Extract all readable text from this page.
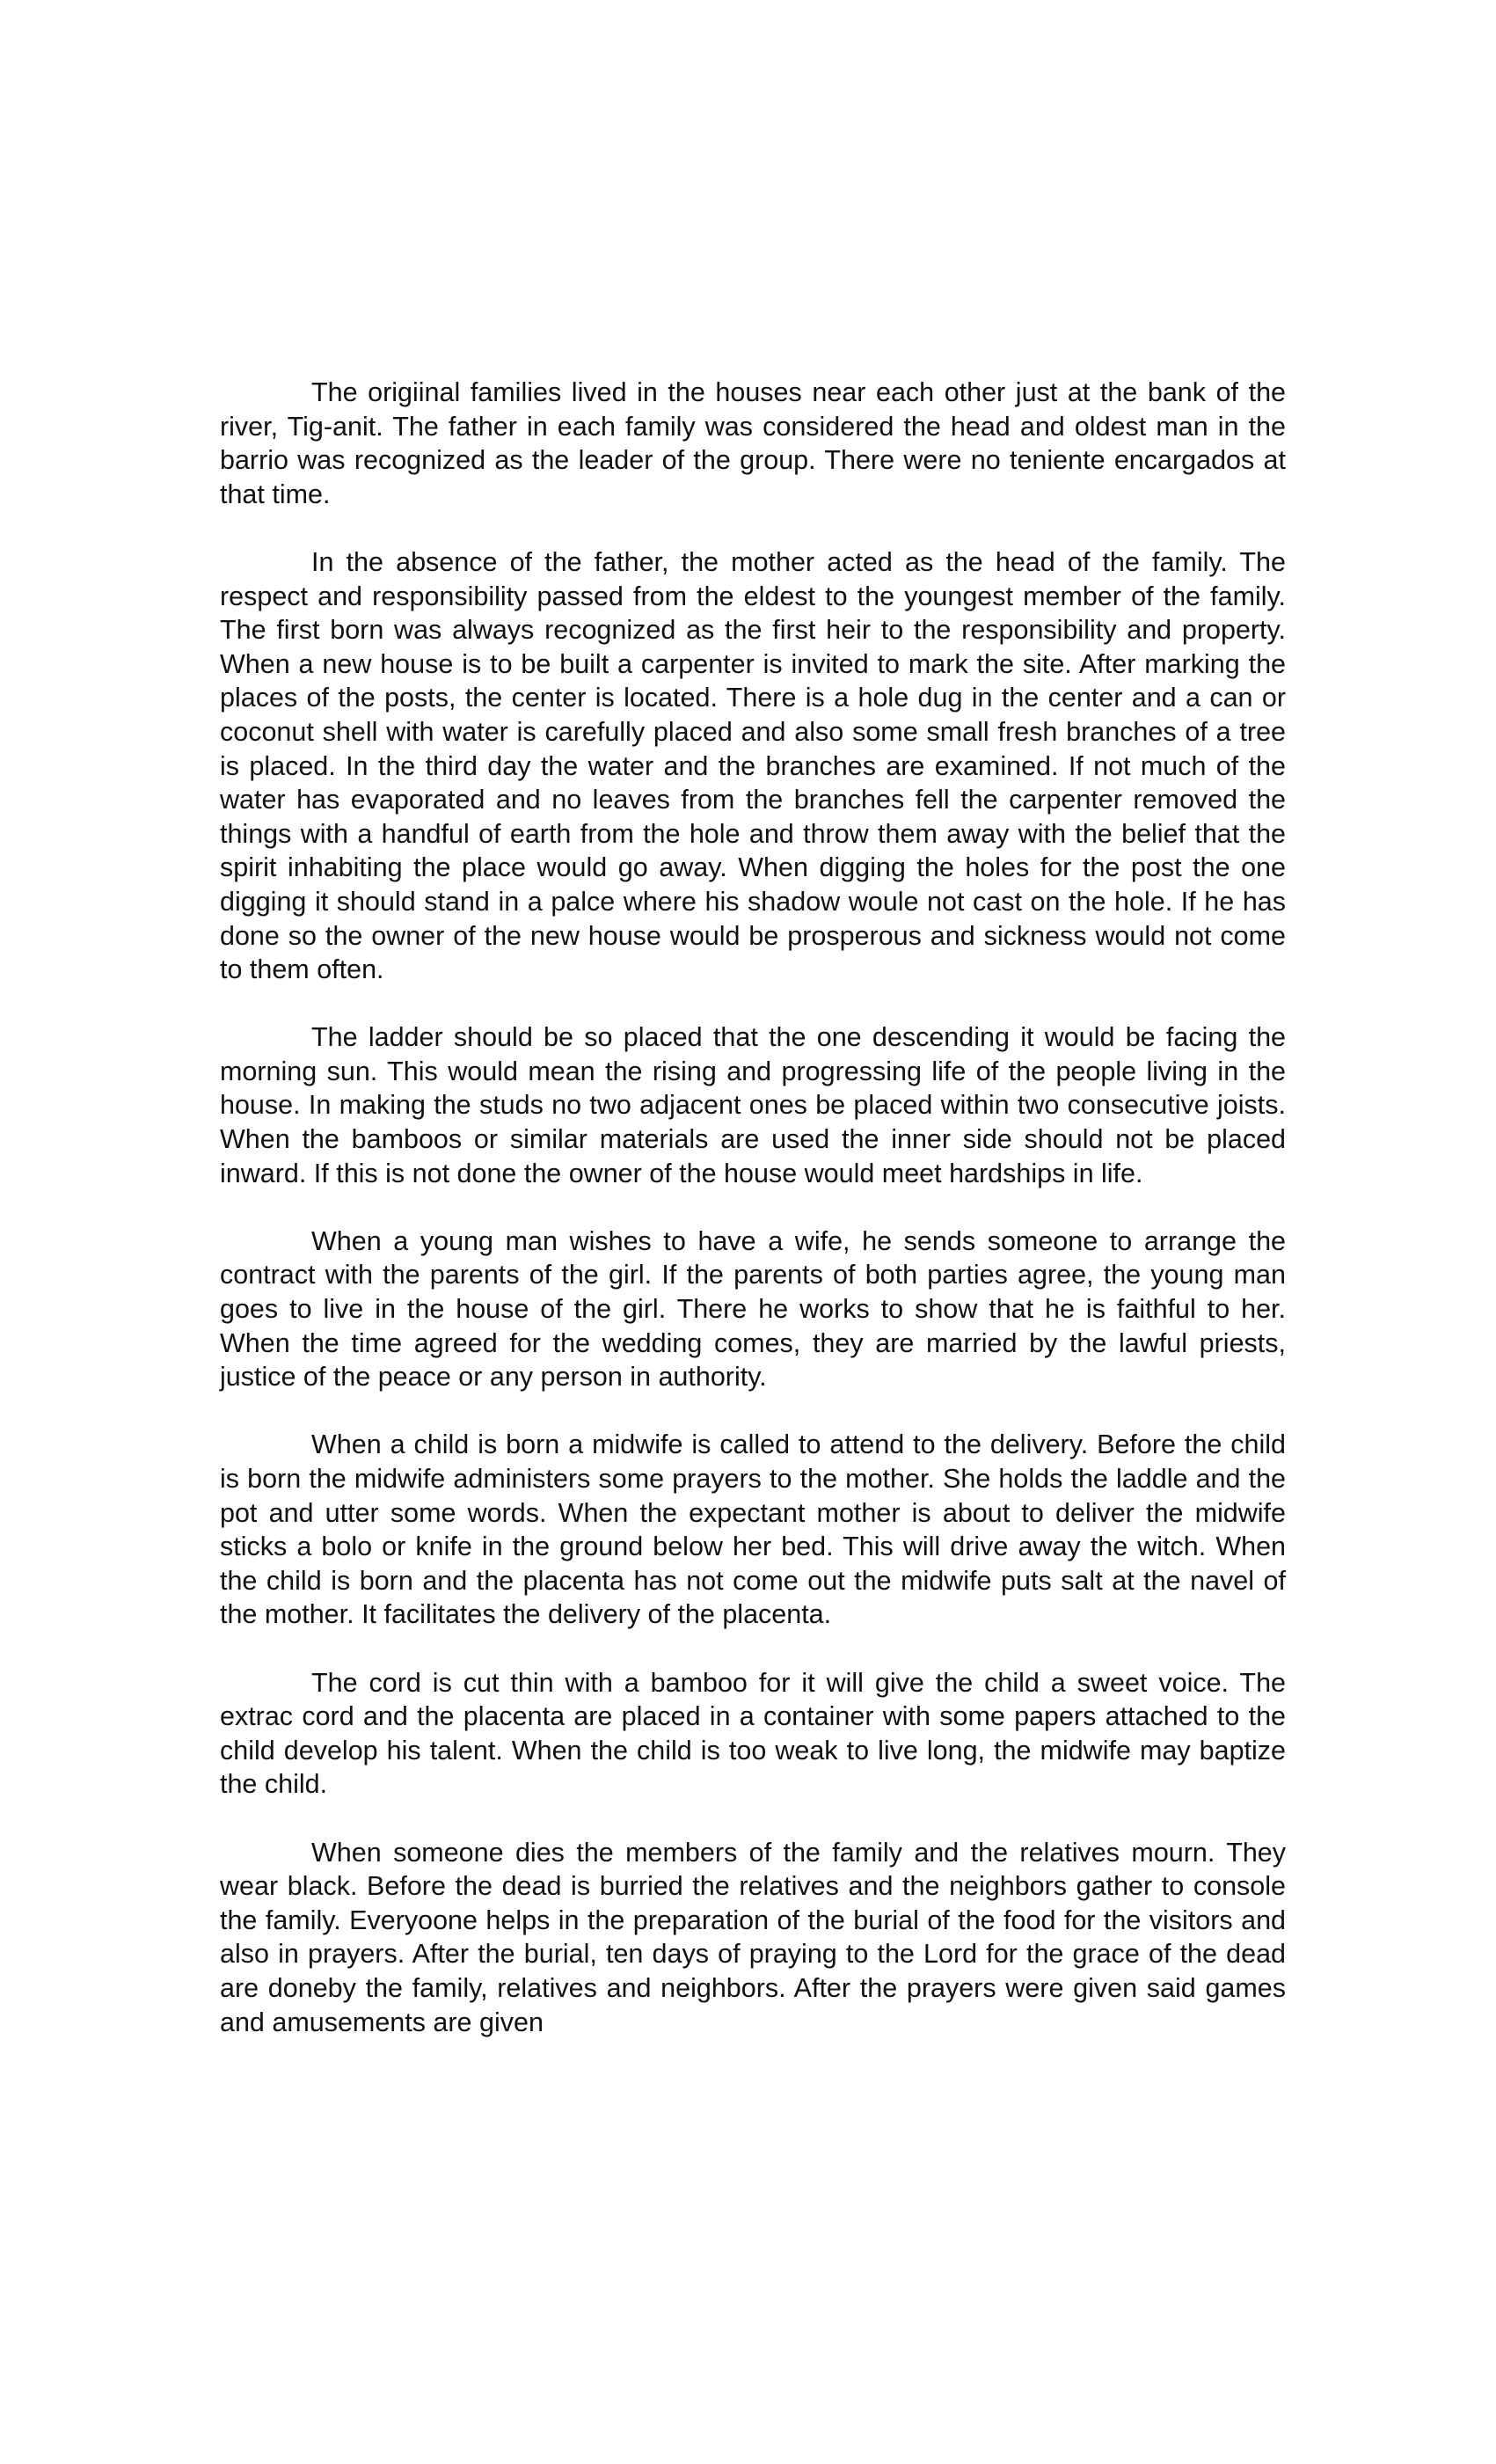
The origiinal families lived in the houses near each other just at the bank of the river, Tig-anit. The father in each family was considered the head and oldest man in the barrio was recognized as the leader of the group. There were no teniente encargados at that time.

In the absence of the father, the mother acted as the head of the family. The respect and responsibility passed from the eldest to the youngest member of the family. The first born was always recognized as the first heir to the responsibility and property. When a new house is to be built a carpenter is invited to mark the site. After marking the places of the posts, the center is located. There is a hole dug in the center and a can or coconut shell with water is carefully placed and also some small fresh branches of a tree is placed. In the third day the water and the branches are examined. If not much of the water has evaporated and no leaves from the branches fell the carpenter removed the things with a handful of earth from the hole and throw them away with the belief that the spirit inhabiting the place would go away. When digging the holes for the post the one digging it should stand in a palce where his shadow woule not cast on the hole. If he has done so the owner of the new house would be prosperous and sickness would not come to them often.

The ladder should be so placed that the one descending it would be facing the morning sun. This would mean the rising and progressing life of the people living in the house. In making the studs no two adjacent ones be placed within two consecutive joists. When the bamboos or similar materials are used the inner side should not be placed inward. If this is not done the owner of the house would meet hardships in life.

When a young man wishes to have a wife, he sends someone to arrange the contract with the parents of the girl. If the parents of both parties agree, the young man goes to live in the house of the girl. There he works to show that he is faithful to her. When the time agreed for the wedding comes, they are married by the lawful priests, justice of the peace or any person in authority.

When a child is born a midwife is called to attend to the delivery. Before the child is born the midwife administers some prayers to the mother. She holds the laddle and the pot and utter some words. When the expectant mother is about to deliver the midwife sticks a bolo or knife in the ground below her bed. This will drive away the witch. When the child is born and the placenta has not come out the midwife puts salt at the navel of the mother. It facilitates the delivery of the placenta.

The cord is cut thin with a bamboo for it will give the child a sweet voice. The extrac cord and the placenta are placed in a container with some papers attached to the child develop his talent. When the child is too weak to live long, the midwife may baptize the child.

When someone dies the members of the family and the relatives mourn. They wear black. Before the dead is burried the relatives and the neighbors gather to console the family. Everyoone helps in the preparation of the burial of the food for the visitors and also in prayers. After the burial, ten days of praying to the Lord for the grace of the dead are doneby the family, relatives and neighbors. After the prayers were given said games and amusements are given
